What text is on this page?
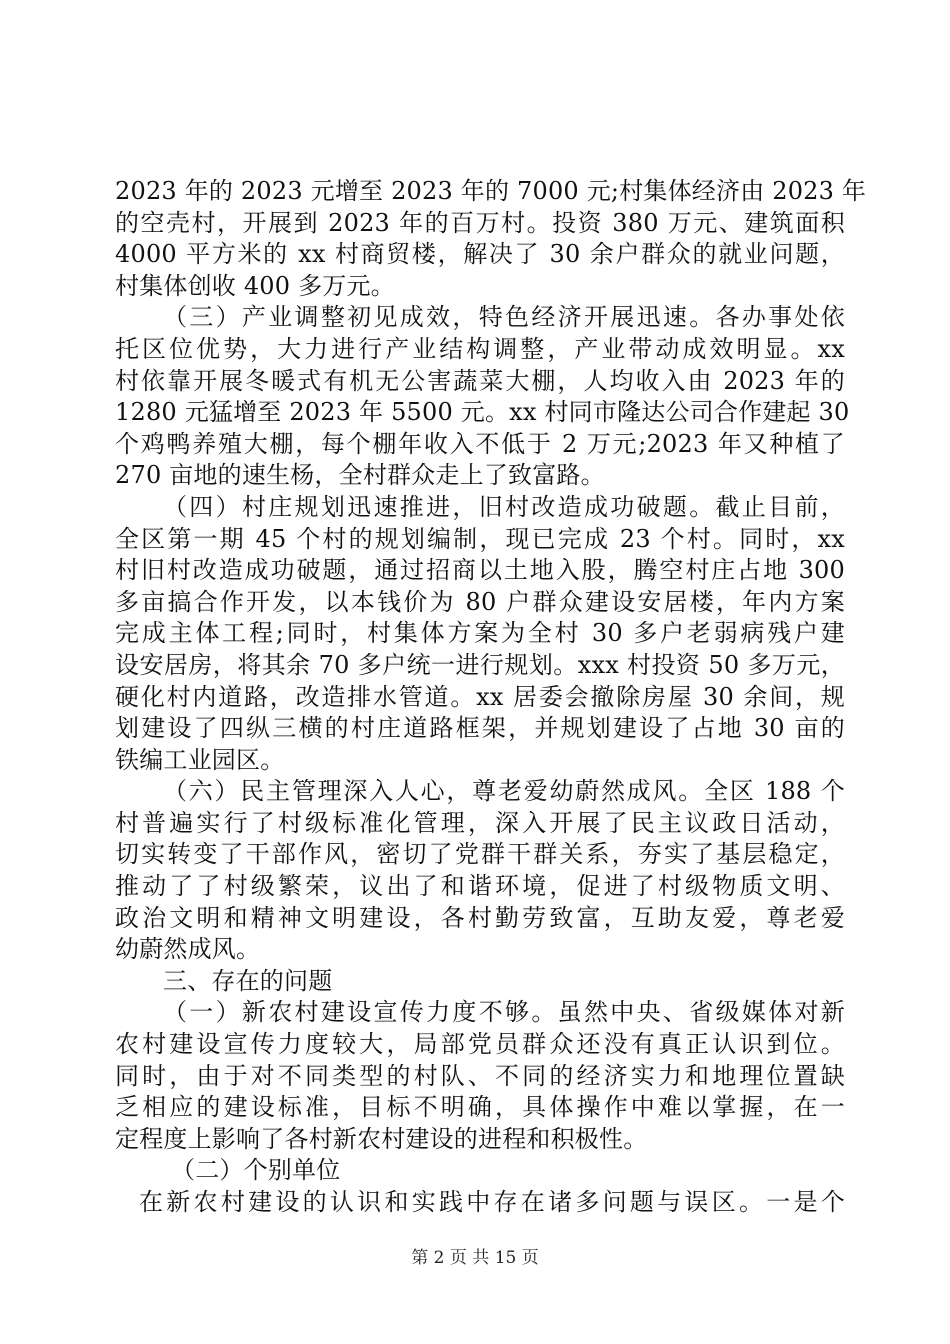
2023 年的 2023 元增至 2023 年的 7000 元;村集体经济由 2023 年
的空壳村，开展到 2023 年的百万村。投资 380 万元、建筑面积
4000 平方米的 xx 村商贸楼，解决了 30 余户群众的就业问题，
村集体创收 400 多万元。
（三）产业调整初见成效，特色经济开展迅速。各办事处依
托区位优势，大力进行产业结构调整，产业带动成效明显。xx
村依靠开展冬暖式有机无公害蔬菜大棚，人均收入由 2023 年的
1280 元猛增至 2023 年 5500 元。xx 村同市隆达公司合作建起 30
个鸡鸭养殖大棚，每个棚年收入不低于 2 万元;2023 年又种植了
270 亩地的速生杨，全村群众走上了致富路。
（四）村庄规划迅速推进，旧村改造成功破题。截止目前，
全区第一期 45 个村的规划编制，现已完成 23 个村。同时，xx
村旧村改造成功破题，通过招商以土地入股，腾空村庄占地 300
多亩搞合作开发，以本钱价为 80 户群众建设安居楼，年内方案
完成主体工程;同时，村集体方案为全村 30 多户老弱病残户建
设安居房，将其余 70 多户统一进行规划。xxx 村投资 50 多万元，
硬化村内道路，改造排水管道。xx 居委会撤除房屋 30 余间，规
划建设了四纵三横的村庄道路框架，并规划建设了占地 30 亩的
铁编工业园区。
（六）民主管理深入人心，尊老爱幼蔚然成风。全区 188 个
村普遍实行了村级标准化管理，深入开展了民主议政日活动，
切实转变了干部作风，密切了党群干群关系，夯实了基层稳定，
推动了了村级繁荣，议出了和谐环境，促进了村级物质文明、
政治文明和精神文明建设，各村勤劳致富，互助友爱，尊老爱
幼蔚然成风。
三、存在的问题
（一）新农村建设宣传力度不够。虽然中央、省级媒体对新
农村建设宣传力度较大，局部党员群众还没有真正认识到位。
同时，由于对不同类型的村队、不同的经济实力和地理位置缺
乏相应的建设标准，目标不明确，具体操作中难以掌握，在一
定程度上影响了各村新农村建设的进程和积极性。
（二）个别单位
在新农村建设的认识和实践中存在诸多问题与误区。一是个
第 2 页 共 15 页
